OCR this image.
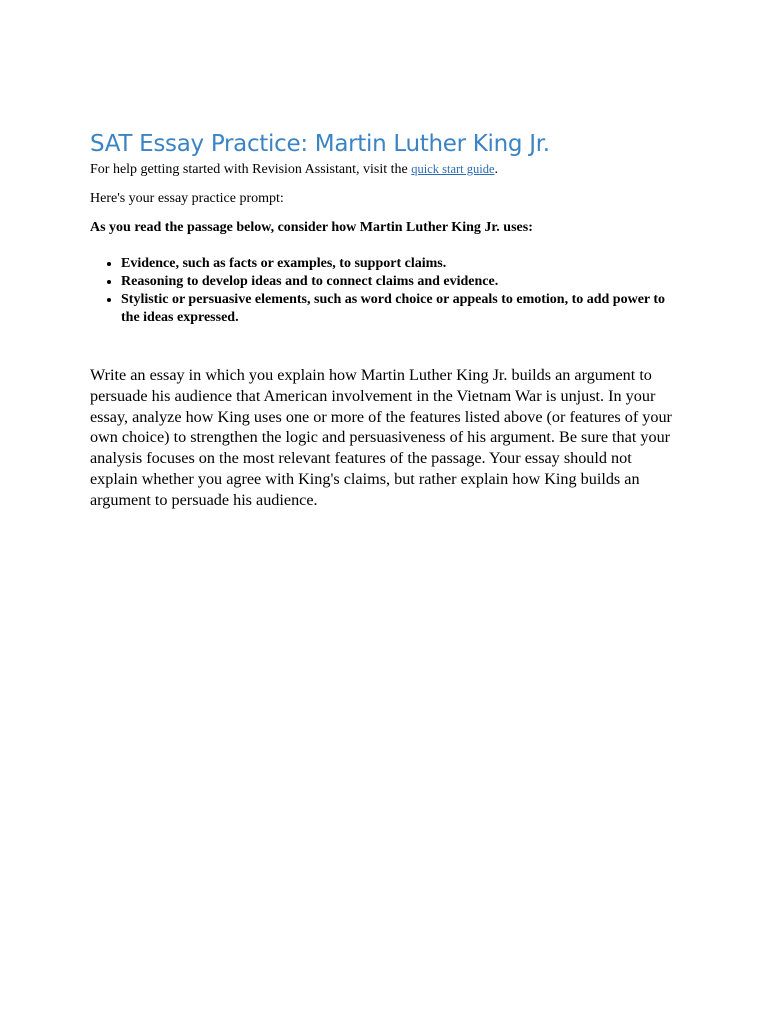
SAT Essay Practice: Martin Luther King Jr.

For help getting started with Revision Assistant, visit the quick start guide.

Here's your essay practice prompt:

As you read the passage below, consider how Martin Luther King Jr. uses:

• Evidence, such as facts or examples, to support claims.
• Reasoning to develop ideas and to connect claims and evidence.
• Stylistic or persuasive elements, such as word choice or appeals to emotion, to add power to the ideas expressed.

Write an essay in which you explain how Martin Luther King Jr. builds an argument to persuade his audience that American involvement in the Vietnam War is unjust. In your essay, analyze how King uses one or more of the features listed above (or features of your own choice) to strengthen the logic and persuasiveness of his argument. Be sure that your analysis focuses on the most relevant features of the passage. Your essay should not explain whether you agree with King's claims, but rather explain how King builds an argument to persuade his audience.
